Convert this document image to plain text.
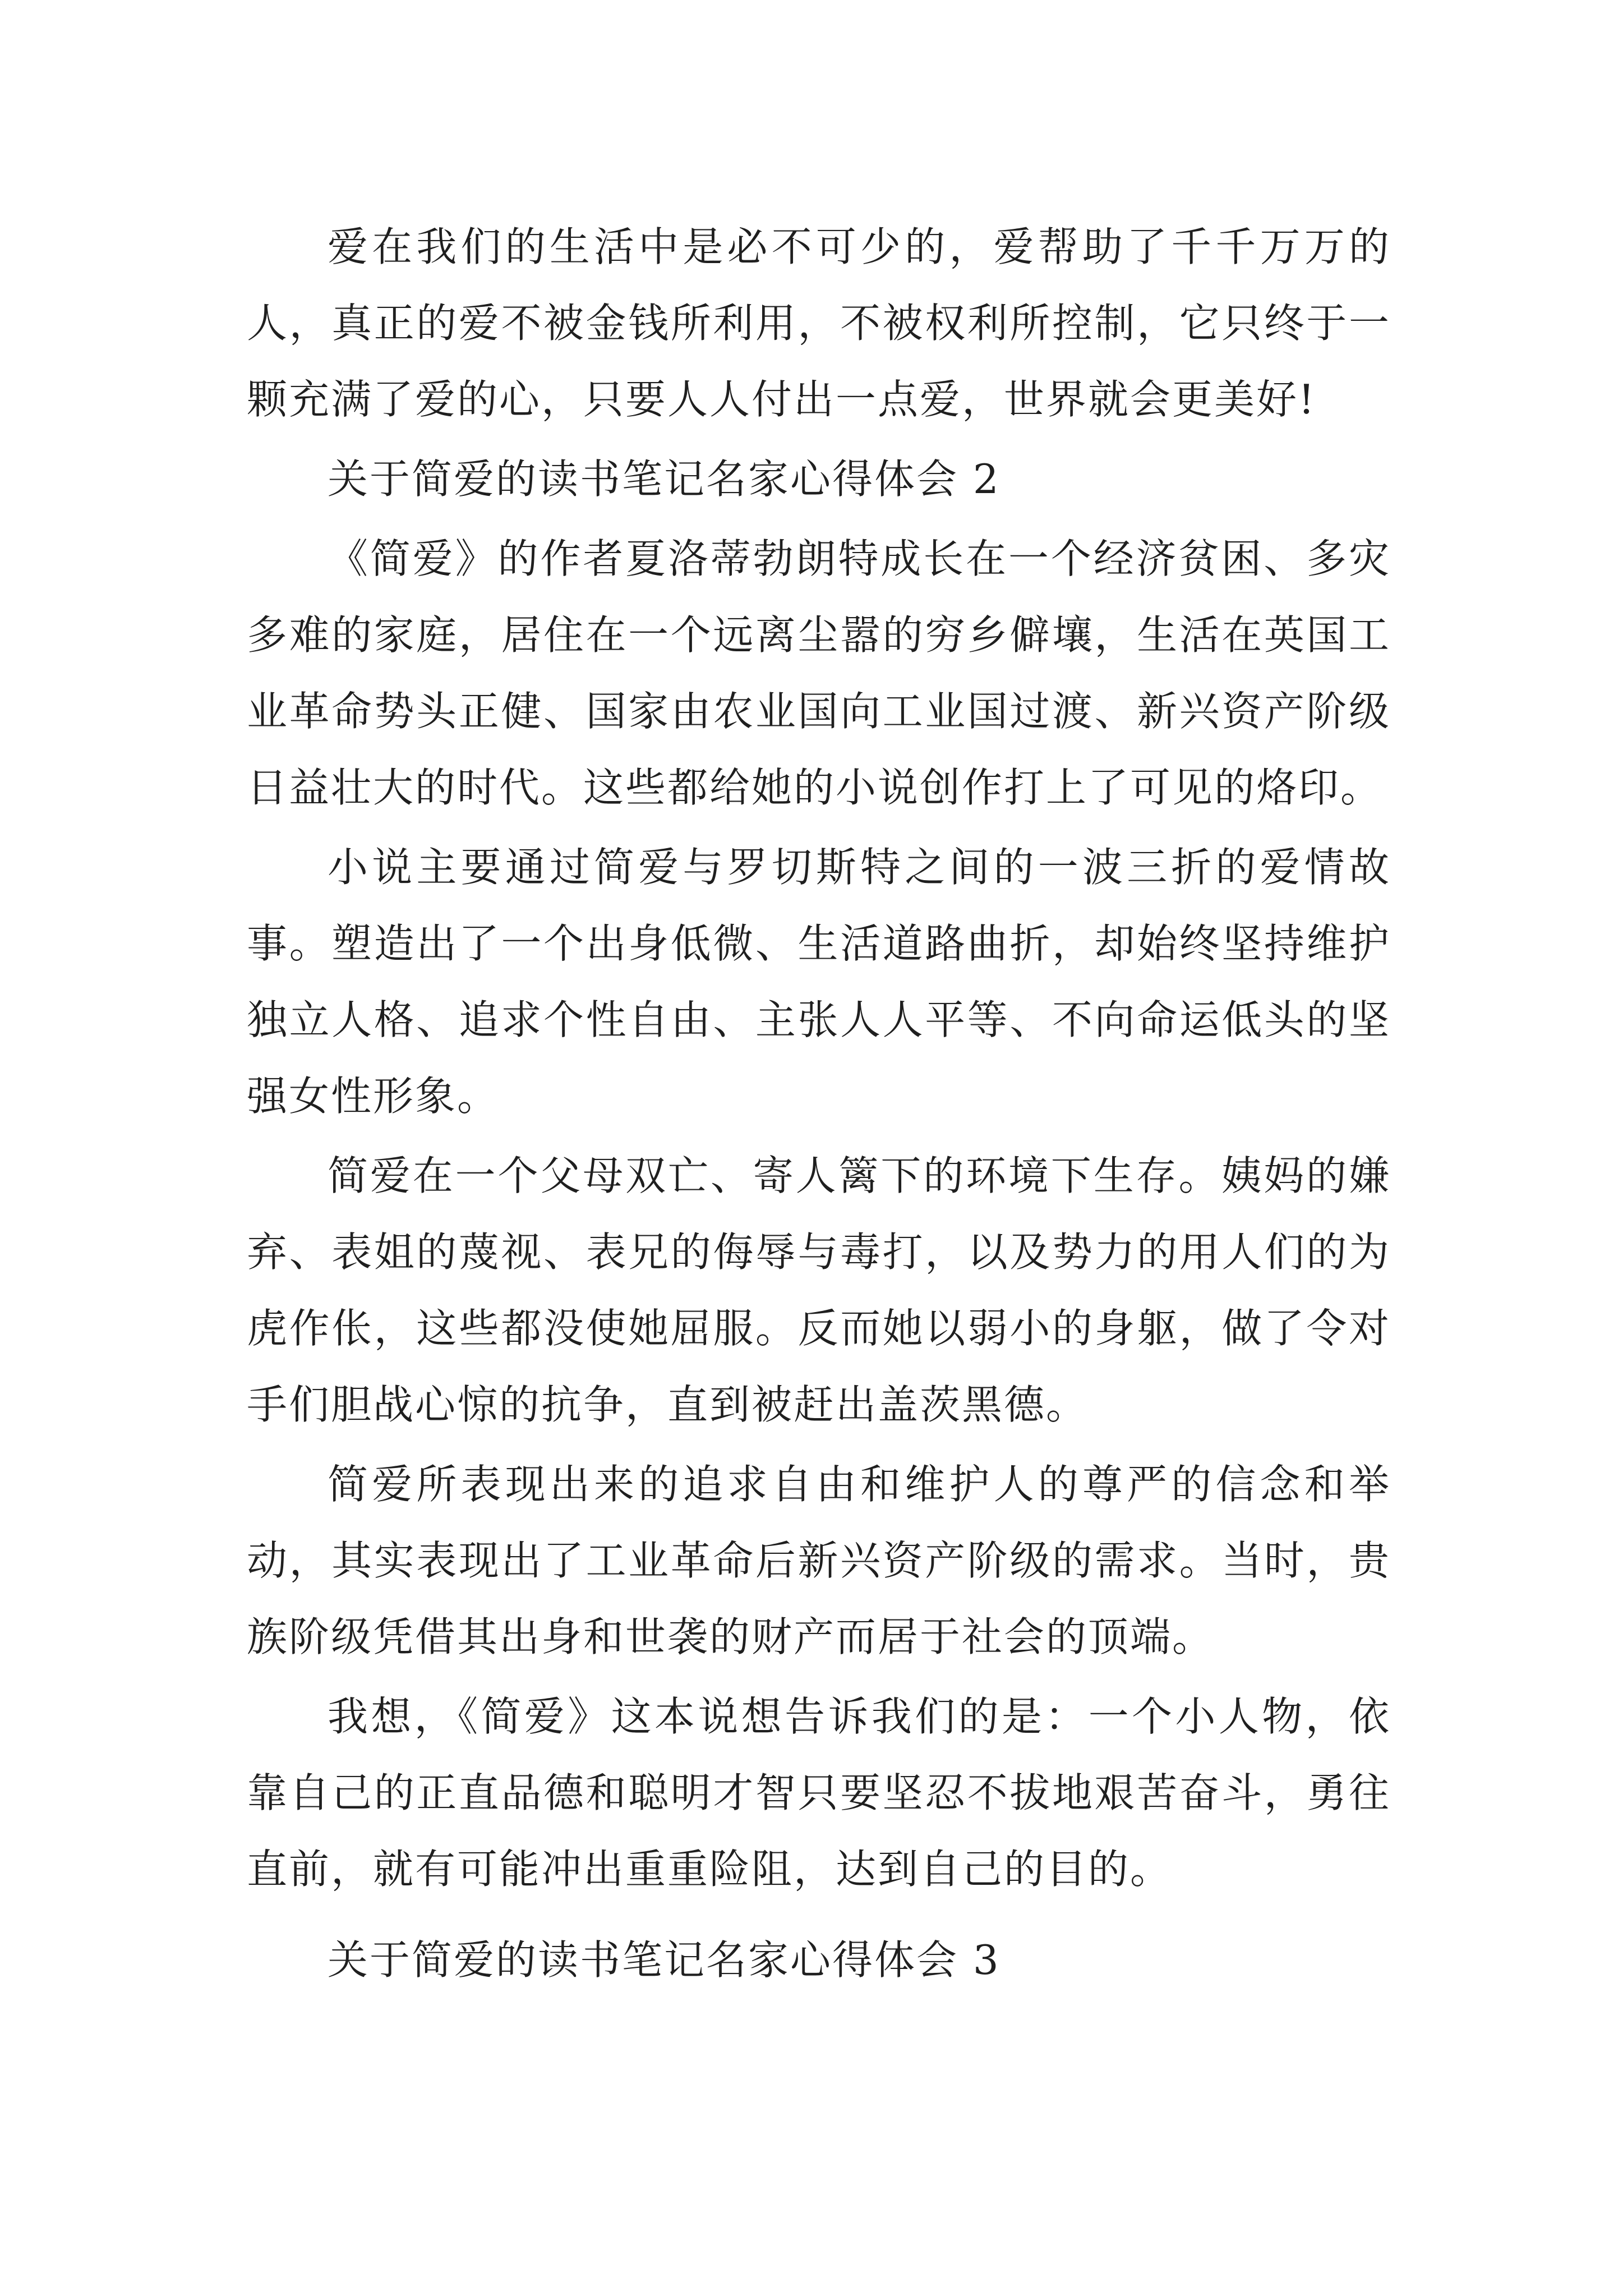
爱在我们的生活中是必不可少的，爱帮助了千千万万的人，真正的爱不被金钱所利用，不被权利所控制，它只终于一颗充满了爱的心，只要人人付出一点爱，世界就会更美好!

关于简爱的读书笔记名家心得体会 2

《简爱》的作者夏洛蒂勃朗特成长在一个经济贫困、多灾多难的家庭，居住在一个远离尘嚣的穷乡僻壤，生活在英国工业革命势头正健、国家由农业国向工业国过渡、新兴资产阶级日益壮大的时代。这些都给她的小说创作打上了可见的烙印。

小说主要通过简爱与罗切斯特之间的一波三折的爱情故事。塑造出了一个出身低微、生活道路曲折，却始终坚持维护独立人格、追求个性自由、主张人人平等、不向命运低头的坚强女性形象。

简爱在一个父母双亡、寄人篱下的环境下生存。姨妈的嫌弃、表姐的蔑视、表兄的侮辱与毒打，以及势力的用人们的为虎作伥，这些都没使她屈服。反而她以弱小的身躯，做了令对手们胆战心惊的抗争，直到被赶出盖茨黑德。

简爱所表现出来的追求自由和维护人的尊严的信念和举动，其实表现出了工业革命后新兴资产阶级的需求。当时，贵族阶级凭借其出身和世袭的财产而居于社会的顶端。

我想，《简爱》这本说想告诉我们的是：一个小人物，依靠自己的正直品德和聪明才智只要坚忍不拔地艰苦奋斗，勇往直前，就有可能冲出重重险阻，达到自己的目的。

关于简爱的读书笔记名家心得体会 3
